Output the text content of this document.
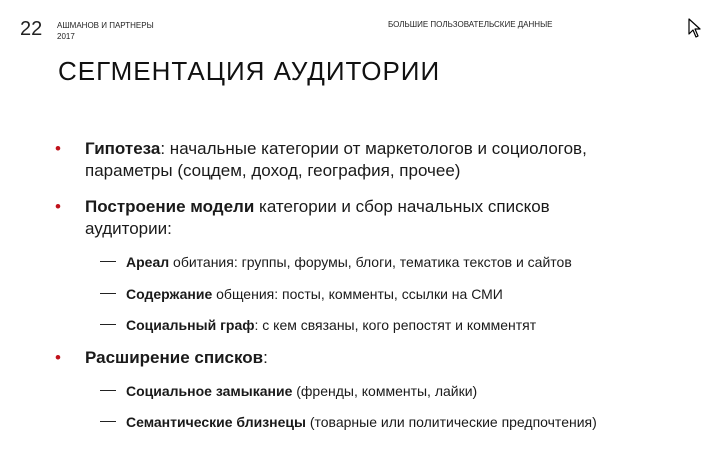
22 АШМАНОВ И ПАРТНЕРЫ
2017
БОЛЬШИЕ ПОЛЬЗОВАТЕЛЬСКИЕ ДАННЫЕ
СЕГМЕНТАЦИЯ АУДИТОРИИ
• Гипотеза: начальные категории от маркетологов и социологов,
параметры (соцдем, доход, география, прочее)
• Построение модели категории и сбор начальных списков
аудитории:
Ареал обитания: группы, форумы, блоги, тематика текстов и сайтов
Содержание общения: посты, комменты, ссылки на СМИ
Социальный граф: с кем связаны, кого репостят и комментят
• Расширение списков:
Социальное замыкание (френды, комменты, лайки)
Семантические близнецы (товарные или политические предпочтения)
